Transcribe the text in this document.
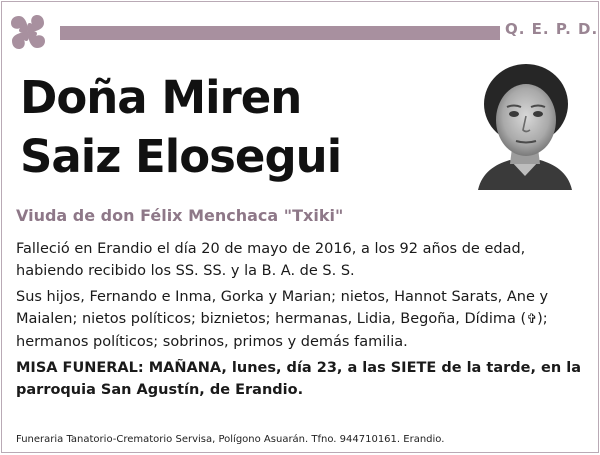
Q. E. P. D.
Doña Miren
Saiz Elosegui
Viuda de don Félix Menchaca "Txiki"

Falleció en Erandio el día 20 de mayo de 2016, a los 92 años de edad, habiendo recibido los SS. SS. y la B. A. de S. S.

Sus hijos, Fernando e Inma, Gorka y Marian; nietos, Hannot Sarats, Ane y Maialen; nietos políticos; biznietos; hermanas, Lidia, Begoña, Dídima (✞); hermanos políticos; sobrinos, primos y demás familia.

MISA FUNERAL: MAÑANA, lunes, día 23, a las SIETE de la tarde, en la parroquia San Agustín, de Erandio.

Funeraria Tanatorio-Crematorio Servisa, Polígono Asuarán. Tfno. 944710161. Erandio.
